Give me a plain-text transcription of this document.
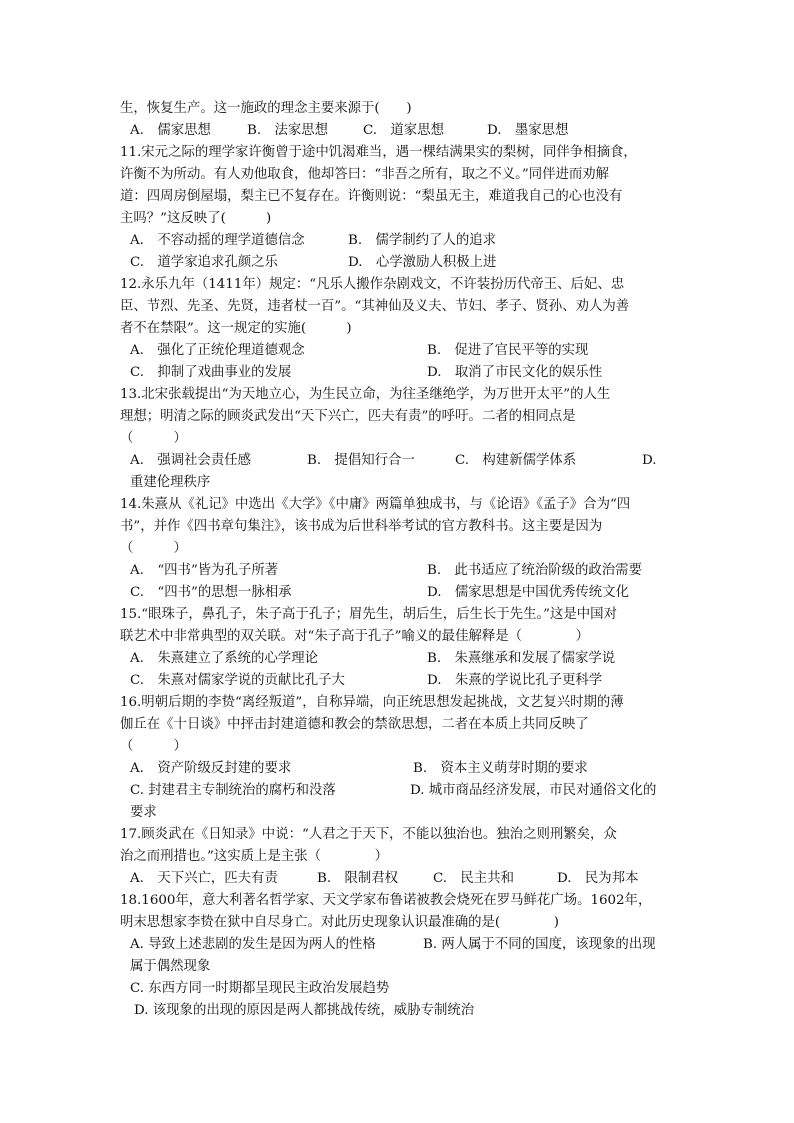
生，恢复生产。这一施政的理念主要来源于(　　)
A.　儒家思想	B.　法家思想	C.　道家思想	D.　墨家思想
11.宋元之际的理学家许衡曾于途中饥渴难当，遇一棵结满果实的梨树，同伴争相摘食，
许衡不为所动。有人劝他取食，他却答曰：“非吾之所有，取之不义。”同伴进而劝解
道：四周房倒屋塌，梨主已不复存在。许衡则说：“梨虽无主，难道我自己的心也没有
主吗？”这反映了(　　　)
A.　不容动摇的理学道德信念	B.　儒学制约了人的追求
C.　道学家追求孔颜之乐	D.　心学激励人积极上进
12.永乐九年（1411年）规定：“凡乐人搬作杂剧戏文，不许装扮历代帝王、后妃、忠
臣、节烈、先圣、先贤，违者杖一百”。“其神仙及义夫、节妇、孝子、贤孙、劝人为善
者不在禁限”。这一规定的实施(　　　)
A.　强化了正统伦理道德观念	B.　促进了官民平等的实现
C.　抑制了戏曲事业的发展	D.　取消了市民文化的娱乐性
13.北宋张载提出“为天地立心，为生民立命，为往圣继绝学，为万世开太平”的人生
理想；明清之际的顾炎武发出“天下兴亡，匹夫有责”的呼吁。二者的相同点是
（　　　）
A.　强调社会责任感	B.　提倡知行合一	C.　构建新儒学体系	D.
重建伦理秩序
14.朱熹从《礼记》中选出《大学》《中庸》两篇单独成书，与《论语》《孟子》合为“四
书”，并作《四书章句集注》，该书成为后世科举考试的官方教科书。这主要是因为
（　　　）
A.　“四书”皆为孔子所著	B.　此书适应了统治阶级的政治需要
C.　“四书”的思想一脉相承	D.　儒家思想是中国优秀传统文化
15.“眼珠子，鼻孔子，朱子高于孔子；眉先生，胡后生，后生长于先生。”这是中国对
联艺术中非常典型的双关联。对“朱子高于孔子”喻义的最佳解释是（　　　　）
A.　朱熹建立了系统的心学理论	B.　朱熹继承和发展了儒家学说
C.　朱熹对儒家学说的贡献比孔子大	D.　朱熹的学说比孔子更科学
16.明朝后期的李贽“离经叛道”，自称异端，向正统思想发起挑战，文艺复兴时期的薄
伽丘在《十日谈》中抨击封建道德和教会的禁欲思想，二者在本质上共同反映了
（　　　）
A.　资产阶级反封建的要求	B.　资本主义萌芽时期的要求
C. 封建君主专制统治的腐朽和没落	D. 城市商品经济发展，市民对通俗文化的
要求
17.顾炎武在《日知录》中说：“人君之于天下，不能以独治也。独治之则刑繁矣，众
治之而刑措也。”这实质上是主张（　　　　）
A.　天下兴亡，匹夫有责	B.　限制君权	C.　民主共和	D.　民为邦本
18.1600年，意大利著名哲学家、天文学家布鲁诺被教会烧死在罗马鲜花广场。1602年，
明末思想家李贽在狱中自尽身亡。对此历史现象认识最准确的是(　　　　)
A. 导致上述悲剧的发生是因为两人的性格	B. 两人属于不同的国度，该现象的出现
属于偶然现象
C. 东西方同一时期都呈现民主政治发展趋势
D. 该现象的出现的原因是两人都挑战传统，威胁专制统治
